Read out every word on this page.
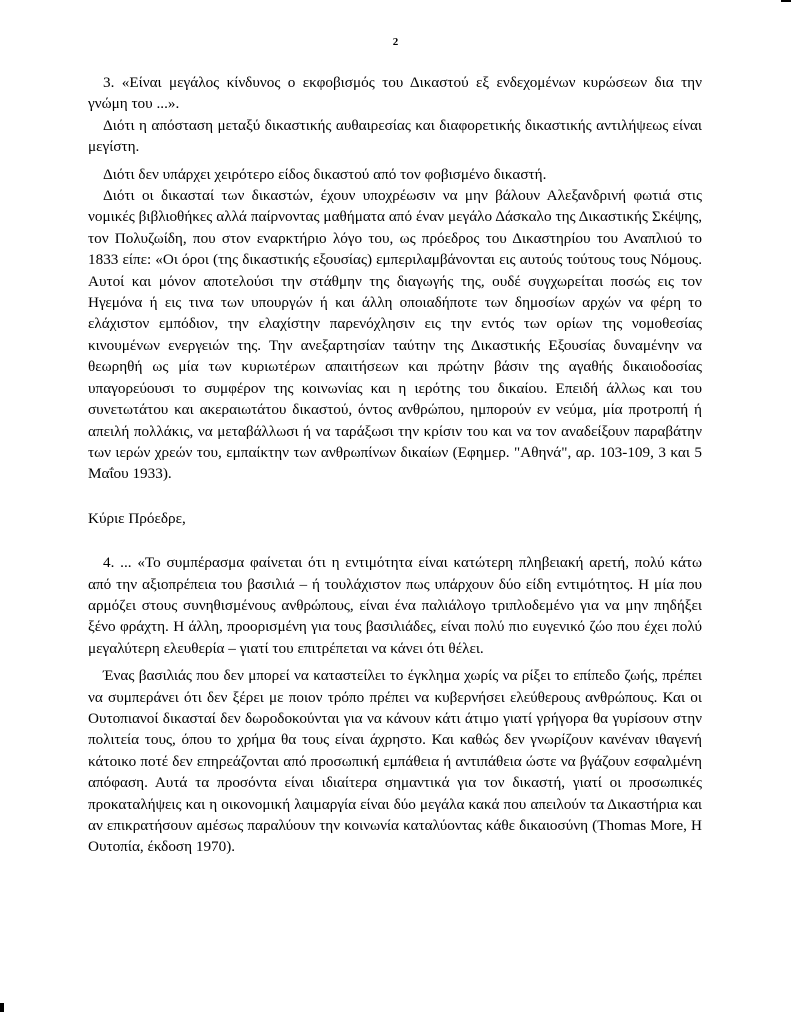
2

3. «Είναι μεγάλος κίνδυνος ο εκφοβισμός του Δικαστού εξ ενδεχομένων κυρώσεων δια την γνώμη του ...».

Διότι η απόσταση μεταξύ δικαστικής αυθαιρεσίας και διαφορετικής δικαστικής αντιλήψεως είναι μεγίστη.

Διότι δεν υπάρχει χειρότερο είδος δικαστού από τον φοβισμένο δικαστή.

Διότι οι δικασταί των δικαστών, έχουν υποχρέωσιν να μην βάλουν Αλεξανδρινή φωτιά στις νομικές βιβλιοθήκες αλλά παίρνοντας μαθήματα από έναν μεγάλο Δάσκαλο της Δικαστικής Σκέψης, τον Πολυζωίδη, που στον εναρκτήριο λόγο του, ως πρόεδρος του Δικαστηρίου του Αναπλιού το 1833 είπε: «Οι όροι (της δικαστικής εξουσίας) εμπεριλαμβάνονται εις αυτούς τούτους τους Νόμους. Αυτοί και μόνον αποτελούσι την στάθμην της διαγωγής της, ουδέ συγχωρείται ποσώς εις τον Ηγεμόνα ή εις τινα των υπουργών ή και άλλη οποιαδήποτε των δημοσίων αρχών να φέρη το ελάχιστον εμπόδιον, την ελαχίστην παρενόχλησιν εις την εντός των ορίων της νομοθεσίας κινουμένων ενεργειών της. Την ανεξαρτησίαν ταύτην της Δικαστικής Εξουσίας δυναμένην να θεωρηθή ως μία των κυριωτέρων απαιτήσεων και πρώτην βάσιν της αγαθής δικαιοδοσίας υπαγορεύουσι το συμφέρον της κοινωνίας και η ιερότης του δικαίου. Επειδή άλλως και του συνετωτάτου και ακεραιωτάτου δικαστού, όντος ανθρώπου, ημπορούν εν νεύμα, μία προτροπή ή απειλή πολλάκις, να μεταβάλλωσι ή να ταράξωσι την κρίσιν του και να τον αναδείξουν παραβάτην των ιερών χρεών του, εμπαίκτην των ανθρωπίνων δικαίων (Εφημερ. "Αθηνά", αρ. 103-109, 3 και 5 Μαΐου 1933).

Κύριε Πρόεδρε,

4. ... «Το συμπέρασμα φαίνεται ότι η εντιμότητα είναι κατώτερη πληβειακή αρετή, πολύ κάτω από την αξιοπρέπεια του βασιλιά – ή τουλάχιστον πως υπάρχουν δύο είδη εντιμότητος. Η μία που αρμόζει στους συνηθισμένους ανθρώπους, είναι ένα παλιάλογο τριπλοδεμένο για να μην πηδήξει ξένο φράχτη. Η άλλη, προορισμένη για τους βασιλιάδες, είναι πολύ πιο ευγενικό ζώο που έχει πολύ μεγαλύτερη ελευθερία – γιατί του επιτρέπεται να κάνει ότι θέλει.

Ένας βασιλιάς που δεν μπορεί να καταστείλει το έγκλημα χωρίς να ρίξει το επίπεδο ζωής, πρέπει να συμπεράνει ότι δεν ξέρει με ποιον τρόπο πρέπει να κυβερνήσει ελεύθερους ανθρώπους. Και οι Ουτοπιανοί δικασταί δεν δωροδοκούνται για να κάνουν κάτι άτιμο γιατί γρήγορα θα γυρίσουν στην πολιτεία τους, όπου το χρήμα θα τους είναι άχρηστο. Και καθώς δεν γνωρίζουν κανέναν ιθαγενή κάτοικο ποτέ δεν επηρεάζονται από προσωπική εμπάθεια ή αντιπάθεια ώστε να βγάζουν εσφαλμένη απόφαση. Αυτά τα προσόντα είναι ιδιαίτερα σημαντικά για τον δικαστή, γιατί οι προσωπικές προκαταλήψεις και η οικονομική λαιμαργία είναι δύο μεγάλα κακά που απειλούν τα Δικαστήρια και αν επικρατήσουν αμέσως παραλύουν την κοινωνία καταλύοντας κάθε δικαιοσύνη (Thomas More, Η Ουτοπία, έκδοση 1970).
